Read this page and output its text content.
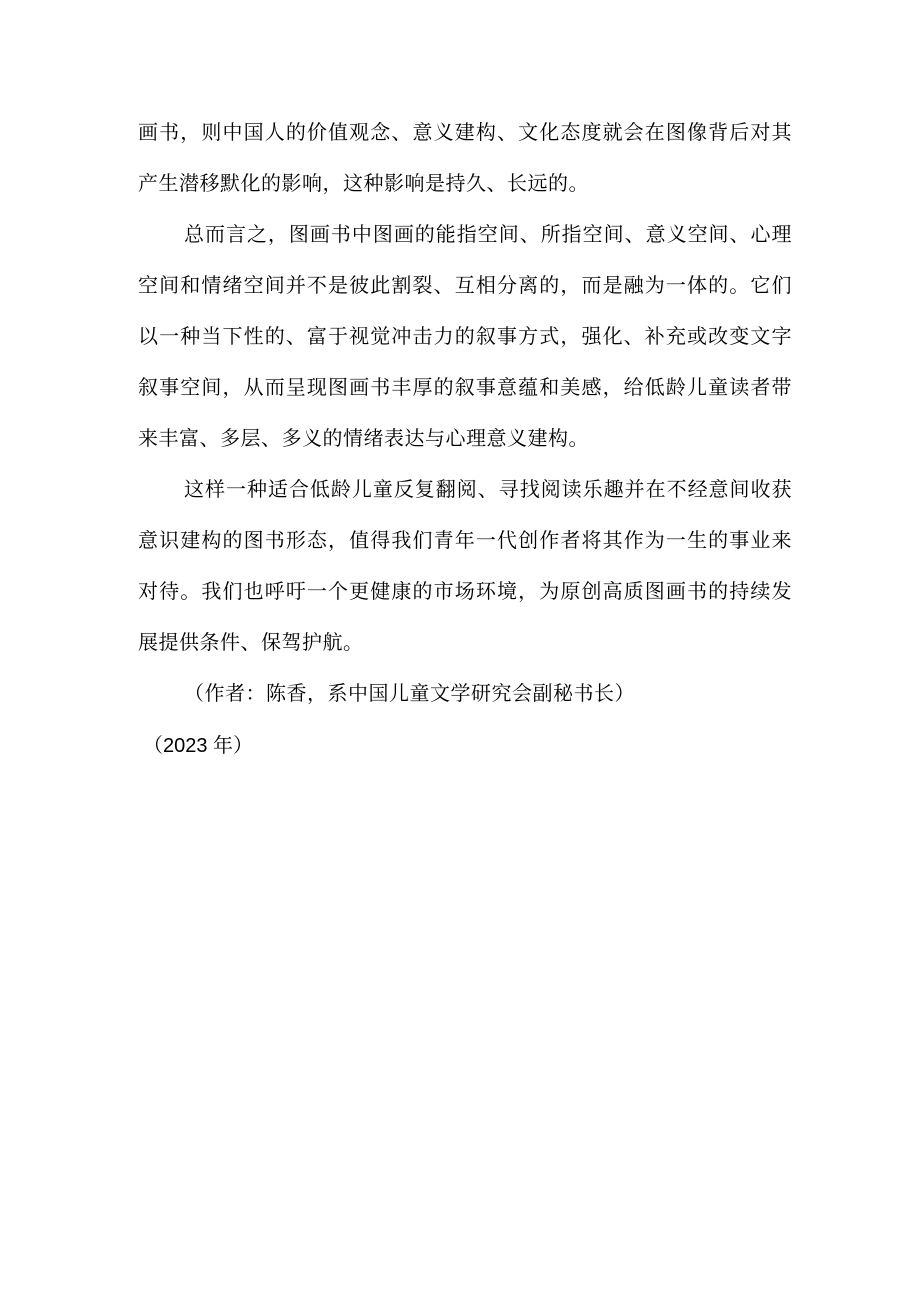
画书，则中国人的价值观念、意义建构、文化态度就会在图像背后对其产生潜移默化的影响，这种影响是持久、长远的。

总而言之，图画书中图画的能指空间、所指空间、意义空间、心理空间和情绪空间并不是彼此割裂、互相分离的，而是融为一体的。它们以一种当下性的、富于视觉冲击力的叙事方式，强化、补充或改变文字叙事空间，从而呈现图画书丰厚的叙事意蕴和美感，给低龄儿童读者带来丰富、多层、多义的情绪表达与心理意义建构。

这样一种适合低龄儿童反复翻阅、寻找阅读乐趣并在不经意间收获意识建构的图书形态，值得我们青年一代创作者将其作为一生的事业来对待。我们也呼吁一个更健康的市场环境，为原创高质图画书的持续发展提供条件、保驾护航。

（作者：陈香，系中国儿童文学研究会副秘书长）

（2023 年）
